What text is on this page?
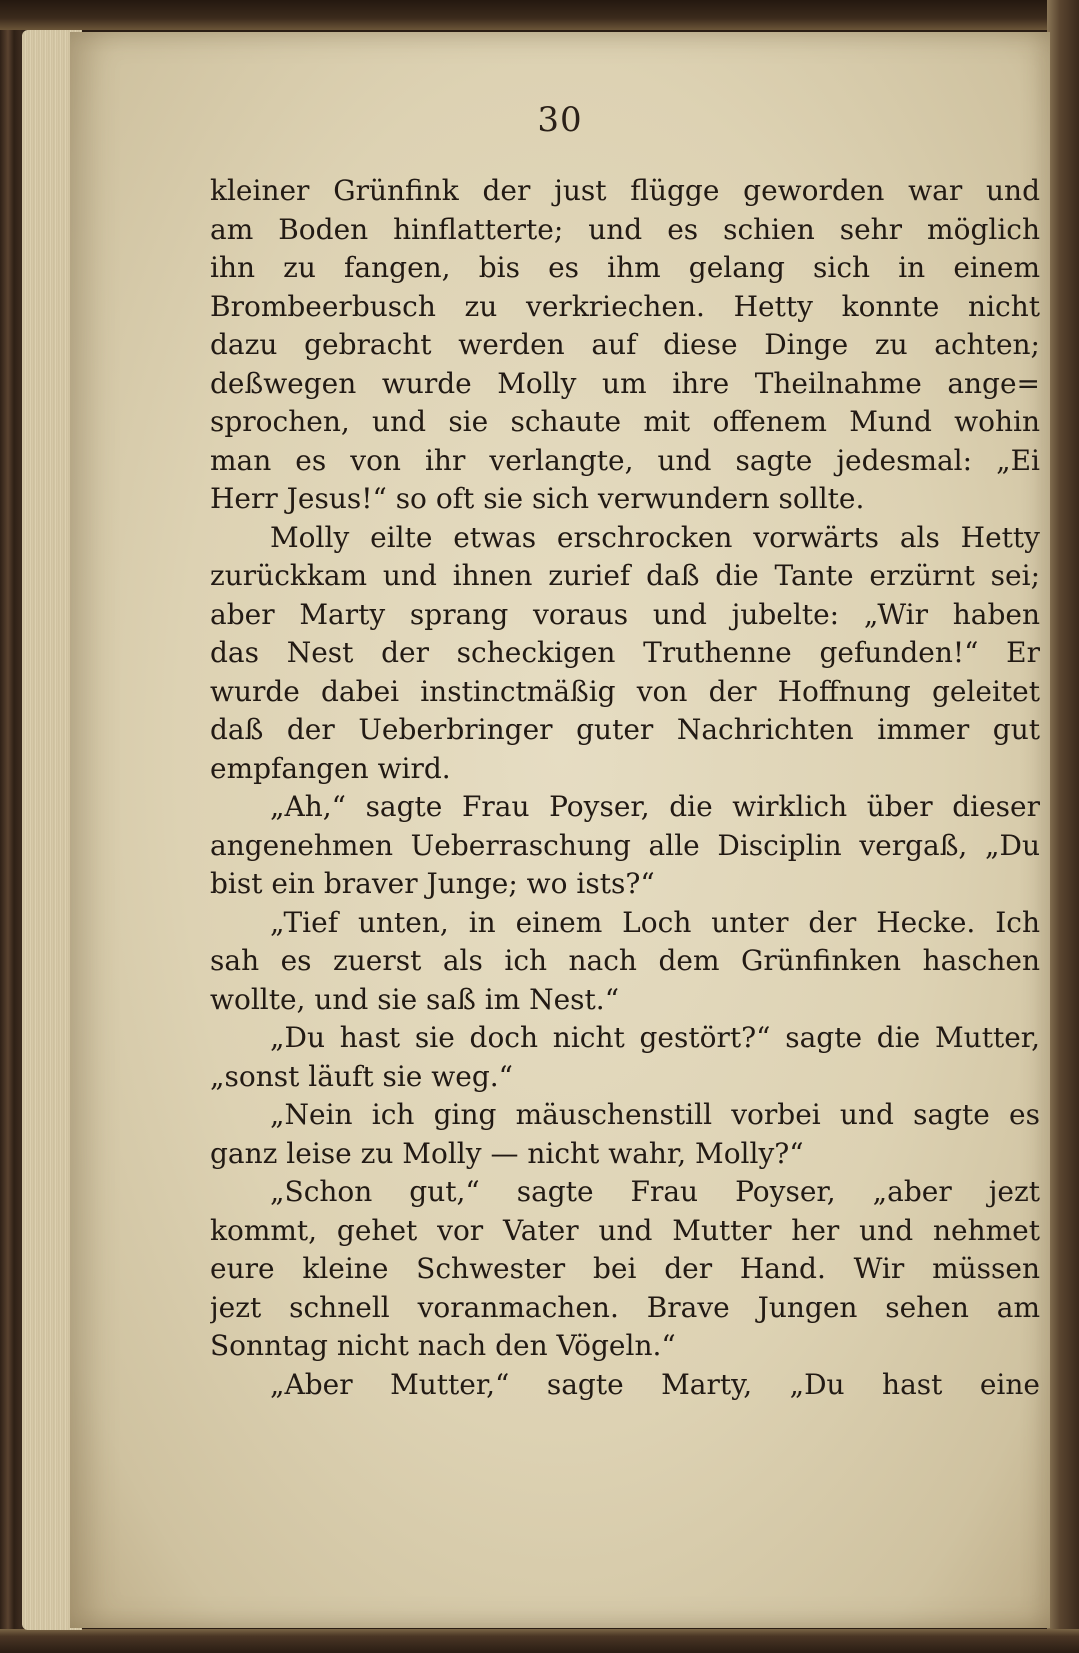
30
kleiner Grünfink der just flügge geworden war und
am Boden hinflatterte; und es schien sehr möglich
ihn zu fangen, bis es ihm gelang sich in einem
Brombeerbusch zu verkriechen. Hetty konnte nicht
dazu gebracht werden auf diese Dinge zu achten;
deßwegen wurde Molly um ihre Theilnahme ange=
sprochen, und sie schaute mit offenem Mund wohin
man es von ihr verlangte, und sagte jedesmal: „Ei
Herr Jesus!“ so oft sie sich verwundern sollte.
Molly eilte etwas erschrocken vorwärts als Hetty
zurückkam und ihnen zurief daß die Tante erzürnt sei;
aber Marty sprang voraus und jubelte: „Wir haben
das Nest der scheckigen Truthenne gefunden!“ Er
wurde dabei instinctmäßig von der Hoffnung geleitet
daß der Ueberbringer guter Nachrichten immer gut
empfangen wird.
„Ah,“ sagte Frau Poyser, die wirklich über dieser
angenehmen Ueberraschung alle Disciplin vergaß, „Du
bist ein braver Junge; wo ists?“
„Tief unten, in einem Loch unter der Hecke. Ich
sah es zuerst als ich nach dem Grünfinken haschen
wollte, und sie saß im Nest.“
„Du hast sie doch nicht gestört?“ sagte die Mutter,
„sonst läuft sie weg.“
„Nein ich ging mäuschenstill vorbei und sagte es
ganz leise zu Molly — nicht wahr, Molly?“
„Schon gut,“ sagte Frau Poyser, „aber jezt
kommt, gehet vor Vater und Mutter her und nehmet
eure kleine Schwester bei der Hand. Wir müssen
jezt schnell voranmachen. Brave Jungen sehen am
Sonntag nicht nach den Vögeln.“
„Aber Mutter,“ sagte Marty, „Du hast eine
